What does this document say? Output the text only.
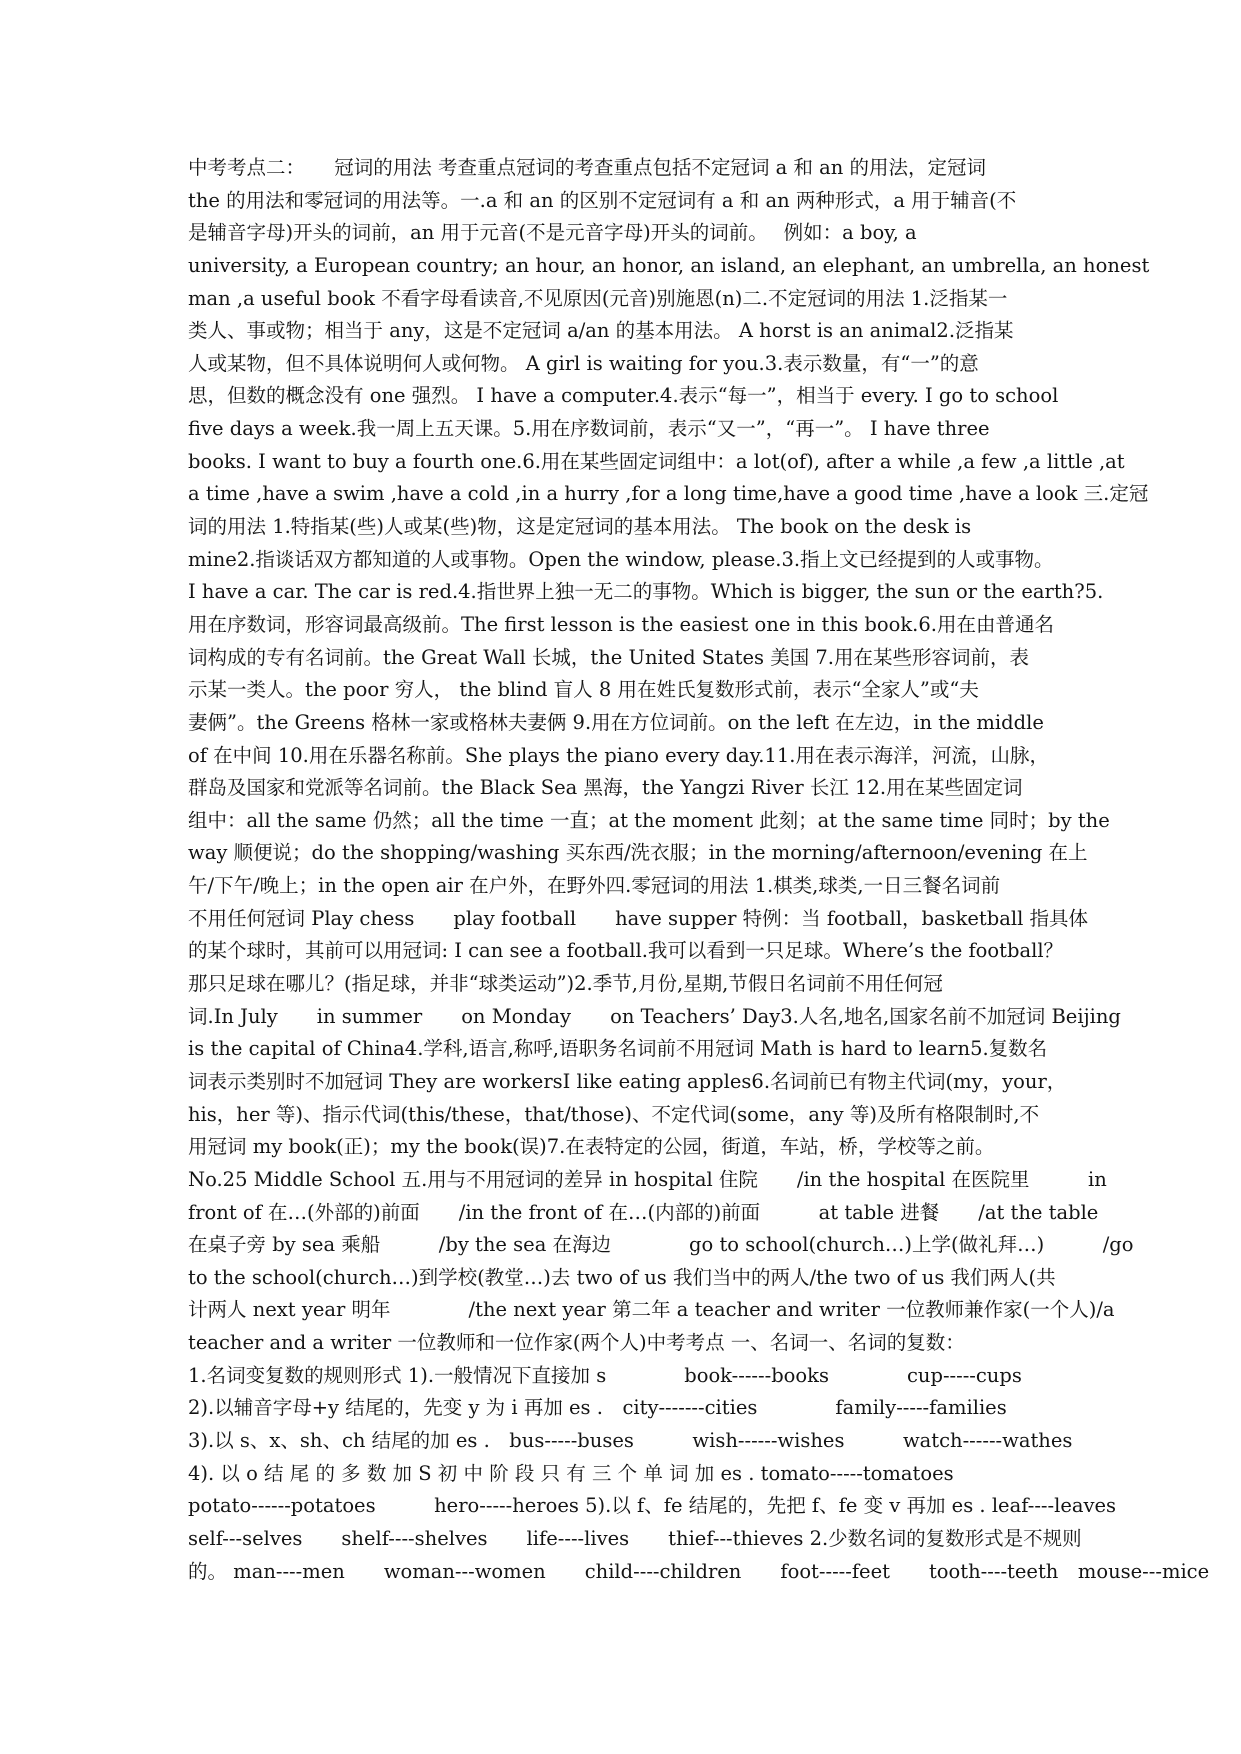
中考考点二：　　冠词的用法 考查重点冠词的考查重点包括不定冠词 a 和 an 的用法，定冠词
the 的用法和零冠词的用法等。一.a 和 an 的区别不定冠词有 a 和 an 两种形式，a 用于辅音(不
是辅音字母)开头的词前，an 用于元音(不是元音字母)开头的词前。　 例如：a boy, a
university, a European country; an hour, an honor, an island, an elephant, an umbrella, an honest
man ,a useful book 不看字母看读音,不见原因(元音)别施恩(n)二.不定冠词的用法 1.泛指某一
类人、事或物；相当于 any，这是不定冠词 a/an 的基本用法。 A horst is an animal2.泛指某
人或某物，但不具体说明何人或何物。 A girl is waiting for you.3.表示数量，有“一”的意
思，但数的概念没有 one 强烈。 I have a computer.4.表示“每一”，相当于 every. I go to school
five days a week.我一周上五天课。5.用在序数词前，表示“又一”，“再一”。 I have three
books. I want to buy a fourth one.6.用在某些固定词组中：a lot(of), after a while ,a few ,a little ,at
a time ,have a swim ,have a cold ,in a hurry ,for a long time,have a good time ,have a look 三.定冠
词的用法 1.特指某(些)人或某(些)物，这是定冠词的基本用法。 The book on the desk is
mine2.指谈话双方都知道的人或事物。Open the window, please.3.指上文已经提到的人或事物。
I have a car. The car is red.4.指世界上独一无二的事物。Which is bigger, the sun or the earth?5.
用在序数词，形容词最高级前。The first lesson is the easiest one in this book.6.用在由普通名
词构成的专有名词前。the Great Wall 长城，the United States 美国 7.用在某些形容词前，表
示某一类人。the poor 穷人， the blind 盲人 8 用在姓氏复数形式前，表示“全家人”或“夫
妻俩”。the Greens 格林一家或格林夫妻俩 9.用在方位词前。on the left 在左边，in the middle
of 在中间 10.用在乐器名称前。She plays the piano every day.11.用在表示海洋，河流，山脉，
群岛及国家和党派等名词前。the Black Sea 黑海，the Yangzi River 长江 12.用在某些固定词
组中：all the same 仍然；all the time 一直；at the moment 此刻；at the same time 同时；by the
way 顺便说；do the shopping/washing 买东西/洗衣服；in the morning/afternoon/evening 在上
午/下午/晚上；in the open air 在户外，在野外四.零冠词的用法 1.棋类,球类,一日三餐名词前
不用任何冠词 Play chess　　play football　　have supper 特例：当 football，basketball 指具体
的某个球时，其前可以用冠词: I can see a football.我可以看到一只足球。Where’s the football？
那只足球在哪儿？(指足球，并非“球类运动”)2.季节,月份,星期,节假日名词前不用任何冠
词.In July　　in summer　　on Monday　　on Teachers’ Day3.人名,地名,国家名前不加冠词 Beijing
is the capital of China4.学科,语言,称呼,语职务名词前不用冠词 Math is hard to learn5.复数名
词表示类别时不加冠词 They are workersI like eating apples6.名词前已有物主代词(my，your，
his，her 等)、指示代词(this/these，that/those)、不定代词(some，any 等)及所有格限制时,不
用冠词 my book(正)；my the book(误)7.在表特定的公园，街道，车站，桥，学校等之前。
No.25 Middle School 五.用与不用冠词的差异 in hospital 住院　　/in the hospital 在医院里　　　in
front of 在…(外部的)前面　　/in the front of 在…(内部的)前面　　　at table 进餐　　/at the table
在桌子旁 by sea 乘船　　　/by the sea 在海边　　　　go to school(church…)上学(做礼拜…)　　　/go
to the school(church…)到学校(教堂…)去 two of us 我们当中的两人/the two of us 我们两人(共
计两人 next year 明年　　　　/the next year 第二年 a teacher and writer 一位教师兼作家(一个人)/a
teacher and a writer 一位教师和一位作家(两个人)中考考点 一、名词一、名词的复数：
1.名词变复数的规则形式 1).一般情况下直接加 s　　　　book------books　　　　cup-----cups
2).以辅音字母+y 结尾的，先变 y 为 i 再加 es .　city-------cities　　　　family-----families
3).以 s、x、sh、ch 结尾的加 es .　bus-----buses　　　wish------wishes　　　watch------wathes
4). 以 o 结 尾 的 多 数 加 S 初 中 阶 段 只 有 三 个 单 词 加 es . tomato-----tomatoes
potato------potatoes　　　hero-----heroes 5).以 f、fe 结尾的，先把 f、fe 变 v 再加 es . leaf----leaves
self---selves　　shelf----shelves　　life----lives　　thief---thieves 2.少数名词的复数形式是不规则
的。 man----men　　woman---women　　child----children　　foot-----feet　　tooth----teeth　mouse---mice
